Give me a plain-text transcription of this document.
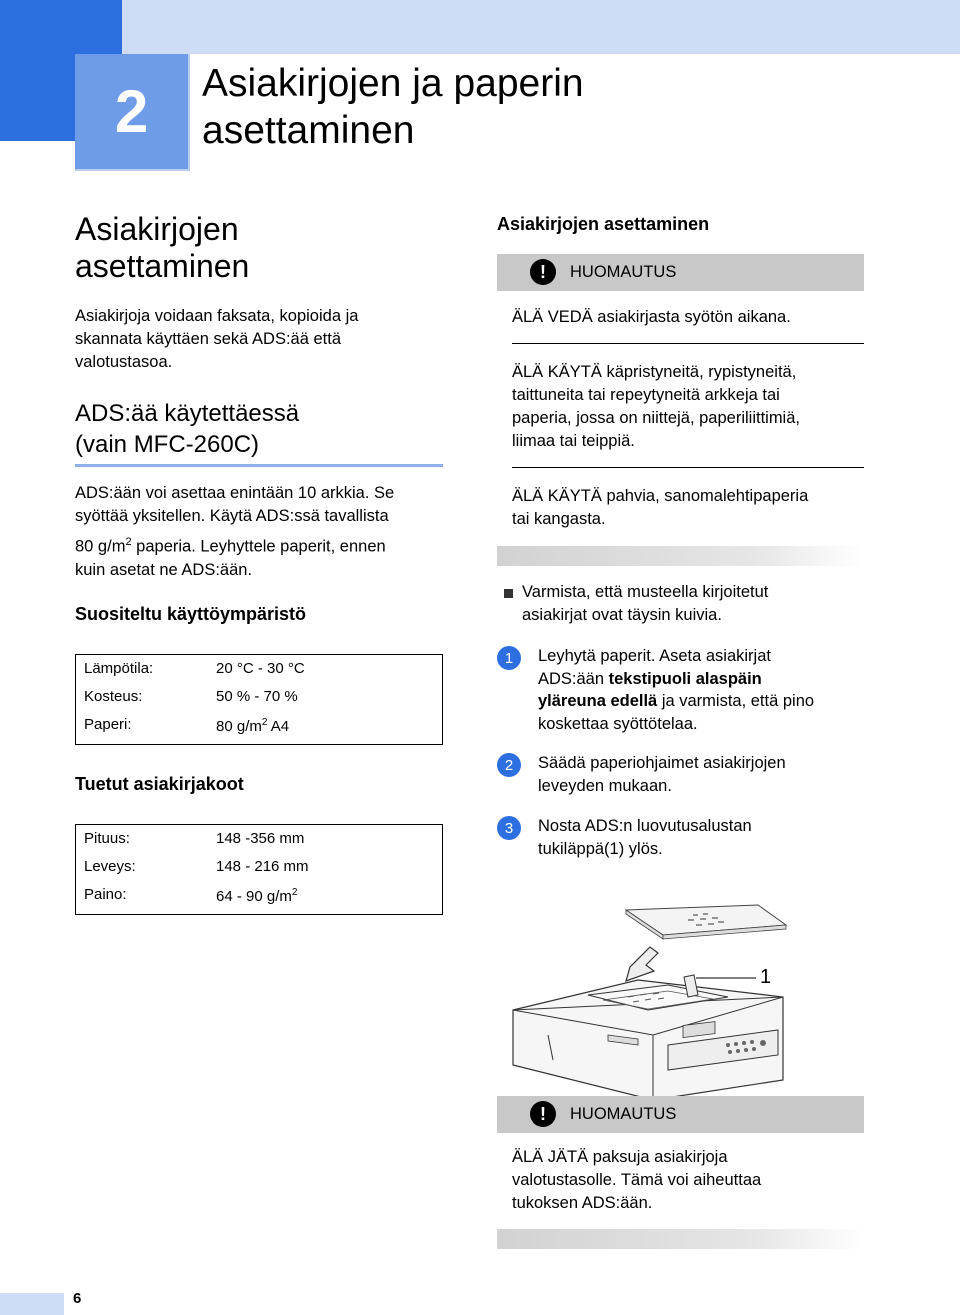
2 Asiakirjojen ja paperin
asettaminen
Asiakirjojen
asettaminen
Asiakirjoja voidaan faksata, kopioida ja
skannata käyttäen sekä ADS:ää että
valotustasoa.
ADS:ää käytettäessä
(vain MFC-260C)
ADS:ään voi asettaa enintään 10 arkkia. Se
syöttää yksitellen. Käytä ADS:ssä tavallista
80 $g/m^2$ paperia. Leyhyttele paperit, ennen
kuin asetat ne ADS:ään.
Suositeltu käyttöympäristö
Lämpötila:	20 °C - 30 °C
Kosteus:	50 % - 70 %
Paperi:	80 $g/m^2$ A4
Tuetut asiakirjakoot
Pituus:	148 -356 mm
Leveys:	148 - 216 mm
Paino:	64 - 90 $g/m^2$
Asiakirjojen asettaminen
!	HUOMAUTUS
ÄLÄ VEDÄ asiakirjasta syötön aikana.
ÄLÄ KÄYTÄ käpristyneitä, rypistyneitä,
taittuneita tai repeytyneitä arkkeja tai
paperia, jossa on niittejä, paperiliittimiä,
liimaa tai teippiä.
ÄLÄ KÄYTÄ pahvia, sanomalehtipaperia
tai kangasta.
Varmista, että musteella kirjoitetut
asiakirjat ovat täysin kuivia.
1	Leyhytä paperit. Aseta asiakirjat
ADS:ään tekstipuoli alaspäin
yläreuna edellä ja varmista, että pino
koskettaa syöttötelaa.
2	Säädä paperiohjaimet asiakirjojen
leveyden mukaan.
3	Nosta ADS:n luovutusalustan
tukiläppä(1) ylös.
1
!	HUOMAUTUS
ÄLÄ JÄTÄ paksuja asiakirjoja
valotustasolle. Tämä voi aiheuttaa
tukoksen ADS:ään.
6
